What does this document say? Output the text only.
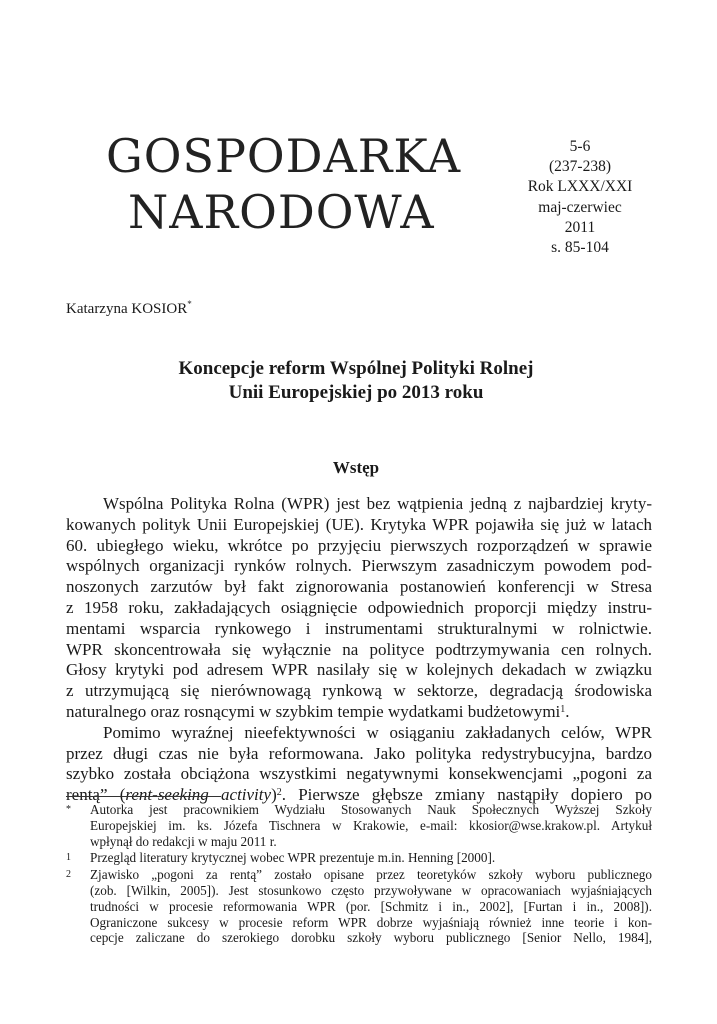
GOSPODARKA
NARODOWA
5-6
(237-238)
Rok LXXX/XXI
maj-czerwiec
2011
s. 85-104
Katarzyna KOSIOR*
Koncepcje reform Wspólnej Polityki Rolnej
Unii Europejskiej po 2013 roku
Wstęp
Wspólna Polityka Rolna (WPR) jest bez wątpienia jedną z najbardziej kryty-
kowanych polityk Unii Europejskiej (UE). Krytyka WPR pojawiła się już w latach
60. ubiegłego wieku, wkrótce po przyjęciu pierwszych rozporządzeń w sprawie
wspólnych organizacji rynków rolnych. Pierwszym zasadniczym powodem pod-
noszonych zarzutów był fakt zignorowania postanowień konferencji w Stresa
z 1958 roku, zakładających osiągnięcie odpowiednich proporcji między instru-
mentami wsparcia rynkowego i instrumentami strukturalnymi w rolnictwie.
WPR skoncentrowała się wyłącznie na polityce podtrzymywania cen rolnych.
Głosy krytyki pod adresem WPR nasilały się w kolejnych dekadach w związku
z utrzymującą się nierównowagą rynkową w sektorze, degradacją środowiska
naturalnego oraz rosnącymi w szybkim tempie wydatkami budżetowymi$^1$.
Pomimo wyraźnej nieefektywności w osiąganiu zakładanych celów, WPR
przez długi czas nie była reformowana. Jako polityka redystrybucyjna, bardzo
szybko została obciążona wszystkimi negatywnymi konsekwencjami „pogoni za
rentą” (rent-seeking activity)$^2$. Pierwsze głębsze zmiany nastąpiły dopiero po
* Autorka jest pracownikiem Wydziału Stosowanych Nauk Społecznych Wyższej Szkoły
Europejskiej im. ks. Józefa Tischnera w Krakowie, e-mail: kkosior@wse.krakow.pl. Artykuł
wpłynął do redakcji w maju 2011 r.
1 Przegląd literatury krytycznej wobec WPR prezentuje m.in. Henning [2000].
2 Zjawisko „pogoni za rentą” zostało opisane przez teoretyków szkoły wyboru publicznego
(zob. [Wilkin, 2005]). Jest stosunkowo często przywoływane w opracowaniach wyjaśniających
trudności w procesie reformowania WPR (por. [Schmitz i in., 2002], [Furtan i in., 2008]).
Ograniczone sukcesy w procesie reform WPR dobrze wyjaśniają również inne teorie i kon-
cepcje zaliczane do szerokiego dorobku szkoły wyboru publicznego [Senior Nello, 1984],
